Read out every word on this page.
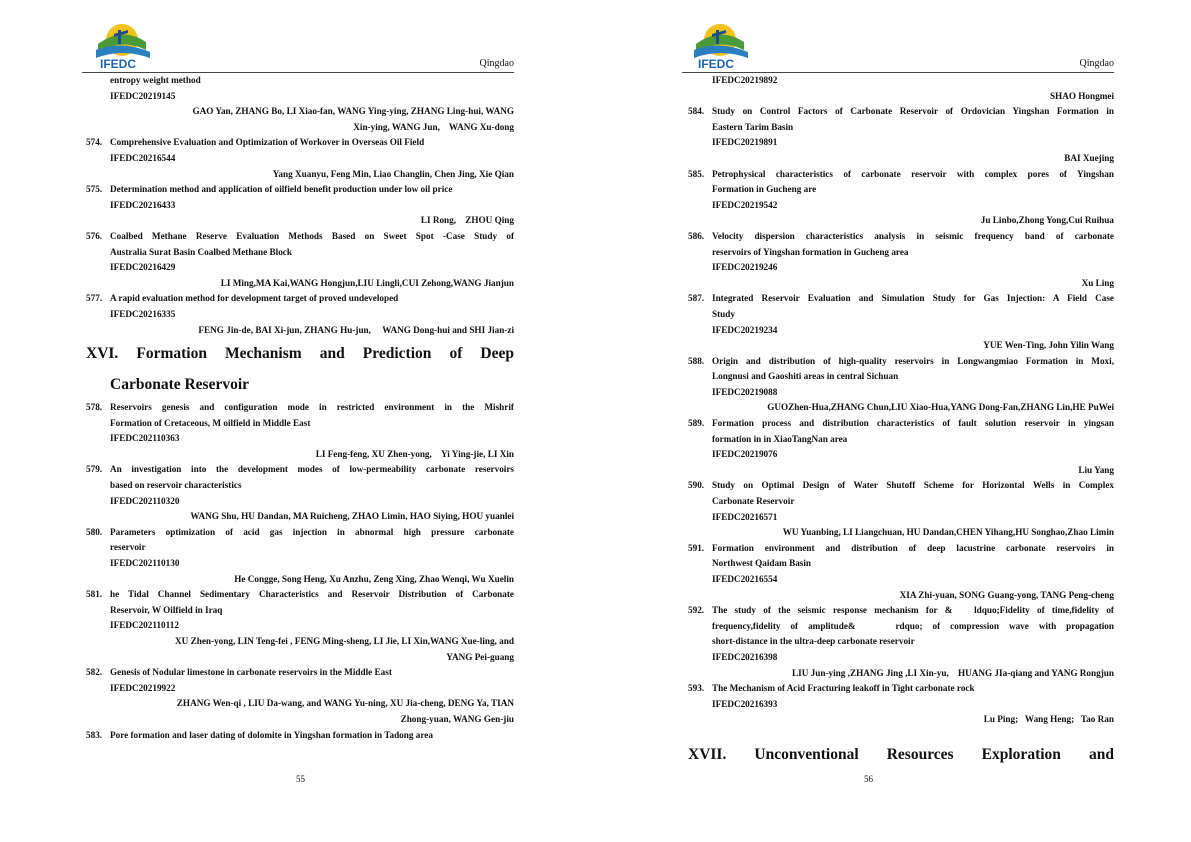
IFEDC	Qingdao
entropy weight method
IFEDC20219145
GAO Yan, ZHANG Bo, LI Xiao-fan, WANG Ying-ying, ZHANG Ling-hui, WANG
Xin-ying, WANG Jun,    WANG Xu-dong
574. Comprehensive Evaluation and Optimization of Workover in Overseas Oil Field
IFEDC20216544
Yang Xuanyu, Feng Min, Liao Changlin, Chen Jing, Xie Qian
575. Determination method and application of oilfield benefit production under low oil price
IFEDC20216433
LI Rong,　ZHOU Qing
576. Coalbed Methane Reserve Evaluation Methods Based on Sweet Spot -Case Study of
Australia Surat Basin Coalbed Methane Block
IFEDC20216429
LI Ming,MA Kai,WANG Hongjun,LIU Lingli,CUI Zehong,WANG Jianjun
577. A rapid evaluation method for development target of proved undeveloped
IFEDC20216335
FENG Jin-de, BAI Xi-jun, ZHANG Hu-jun,     WANG Dong-hui and SHI Jian-zi
XVI. Formation Mechanism and Prediction of Deep
Carbonate Reservoir
578. Reservoirs genesis and configuration mode in restricted environment in the Mishrif
Formation of Cretaceous, M oilfield in Middle East
IFEDC202110363
LI Feng-feng, XU Zhen-yong,　Yi Ying-jie, LI Xin
579. An investigation into the development modes of low-permeability carbonate reservoirs
based on reservoir characteristics
IFEDC202110320
WANG Shu, HU Dandan, MA Ruicheng, ZHAO Limin, HAO Siying, HOU yuanlei
580. Parameters optimization of acid gas injection in abnormal high pressure carbonate
reservoir
IFEDC202110130
He Congge, Song Heng, Xu Anzhu, Zeng Xing, Zhao Wenqi, Wu Xuelin
581. he Tidal Channel Sedimentary Characteristics and Reservoir Distribution of Carbonate
Reservoir, W Oilfield in Iraq
IFEDC202110112
XU Zhen-yong, LIN Teng-fei , FENG Ming-sheng, LI Jie, LI Xin,WANG Xue-ling, and
YANG Pei-guang
582. Genesis of Nodular limestone in carbonate reservoirs in the Middle East
IFEDC20219922
ZHANG Wen-qi , LIU Da-wang, and WANG Yu-ning, XU Jia-cheng, DENG Ya, TIAN
Zhong-yuan, WANG Gen-jiu
583. Pore formation and laser dating of dolomite in Yingshan formation in Tadong area
55
IFEDC	Qingdao
IFEDC20219892
SHAO Hongmei
584. Study on Control Factors of Carbonate Reservoir of Ordovician Yingshan Formation in
Eastern Tarim Basin
IFEDC20219891
BAI Xuejing
585. Petrophysical characteristics of carbonate reservoir with complex pores of Yingshan
Formation in Gucheng are
IFEDC20219542
Ju Linbo,Zhong Yong,Cui Ruihua
586. Velocity dispersion characteristics analysis in seismic frequency band of carbonate
reservoirs of Yingshan formation in Gucheng area
IFEDC20219246
Xu Ling
587. Integrated Reservoir Evaluation and Simulation Study for Gas Injection: A Field Case
Study
IFEDC20219234
YUE Wen-Ting, John Yilin Wang
588. Origin and distribution of high-quality reservoirs in Longwangmiao Formation in Moxi,
Longnusi and Gaoshiti areas in central Sichuan
IFEDC20219088
GUOZhen-Hua,ZHANG Chun,LIU Xiao-Hua,YANG Dong-Fan,ZHANG Lin,HE PuWei
589. Formation process and distribution characteristics of fault solution reservoir in yingsan
formation in in XiaoTangNan area
IFEDC20219076
Liu Yang
590. Study on Optimal Design of Water Shutoff Scheme for Horizontal Wells in Complex
Carbonate Reservoir
IFEDC20216571
WU Yuanbing, LI Liangchuan, HU Dandan,CHEN Yihang,HU Songhao,Zhao Limin
591. Formation environment and distribution of deep lacustrine carbonate reservoirs in
Northwest Qaidam Basin
IFEDC20216554
XIA Zhi-yuan, SONG Guang-yong, TANG Peng-cheng
592. The study of the seismic response mechanism for &   ldquo;Fidelity of time,fidelity of
frequency,fidelity of amplitude&    rdquo; of compression wave with propagation
short-distance in the ultra-deep carbonate reservoir
IFEDC20216398
LIU Jun-ying ,ZHANG Jing ,LI Xin-yu,　HUANG JIa-qiang and YANG Rongjun
593. The Mechanism of Acid Fracturing leakoff in Tight carbonate rock
IFEDC20216393
Lu Ping;   Wang Heng;   Tao Ran
XVII. Unconventional Resources Exploration and
56
